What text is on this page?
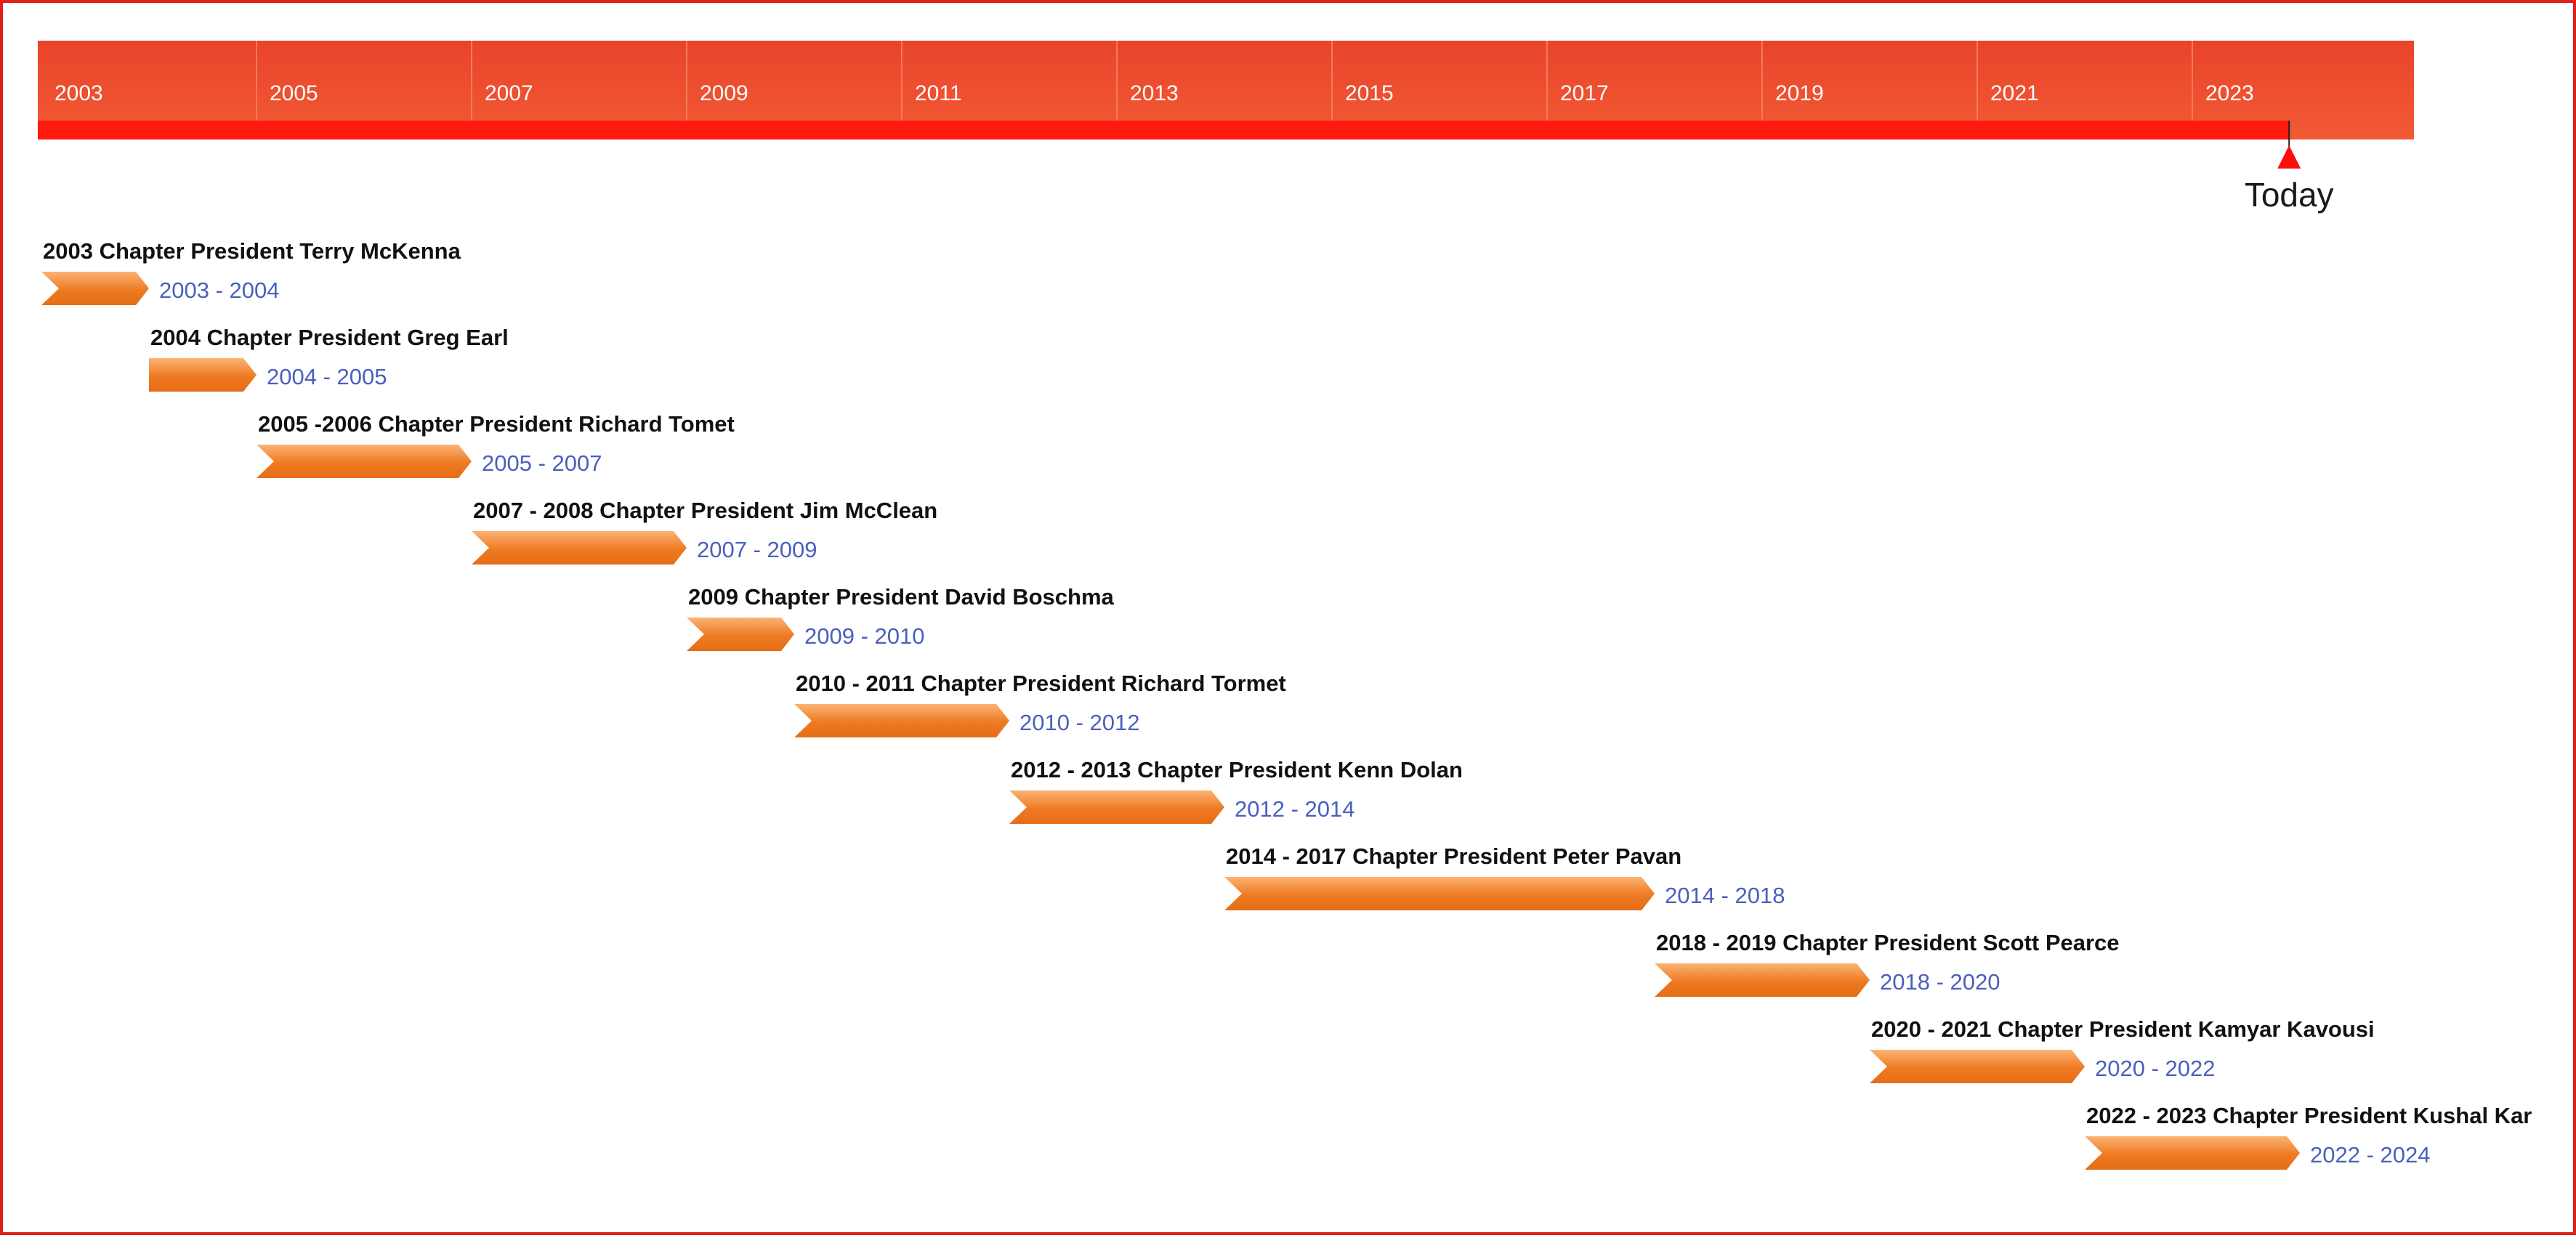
2003	2005	2007	2009	2011	2013	2015	2017	2019	2021	2023
Today
2003 Chapter President Terry McKenna
2003 - 2004
2004 Chapter President Greg Earl
2004 - 2005
2005 -2006 Chapter President Richard Tomet
2005 - 2007
2007 - 2008 Chapter President Jim McClean
2007 - 2009
2009 Chapter President David Boschma
2009 - 2010
2010 - 2011 Chapter President Richard Tormet
2010 - 2012
2012 - 2013 Chapter President Kenn Dolan
2012 - 2014
2014 - 2017 Chapter President Peter Pavan
2014 - 2018
2018 - 2019 Chapter President Scott Pearce
2018 - 2020
2020 - 2021 Chapter President Kamyar Kavousi
2020 - 2022
2022 - 2023 Chapter President Kushal Kar
2022 - 2024
